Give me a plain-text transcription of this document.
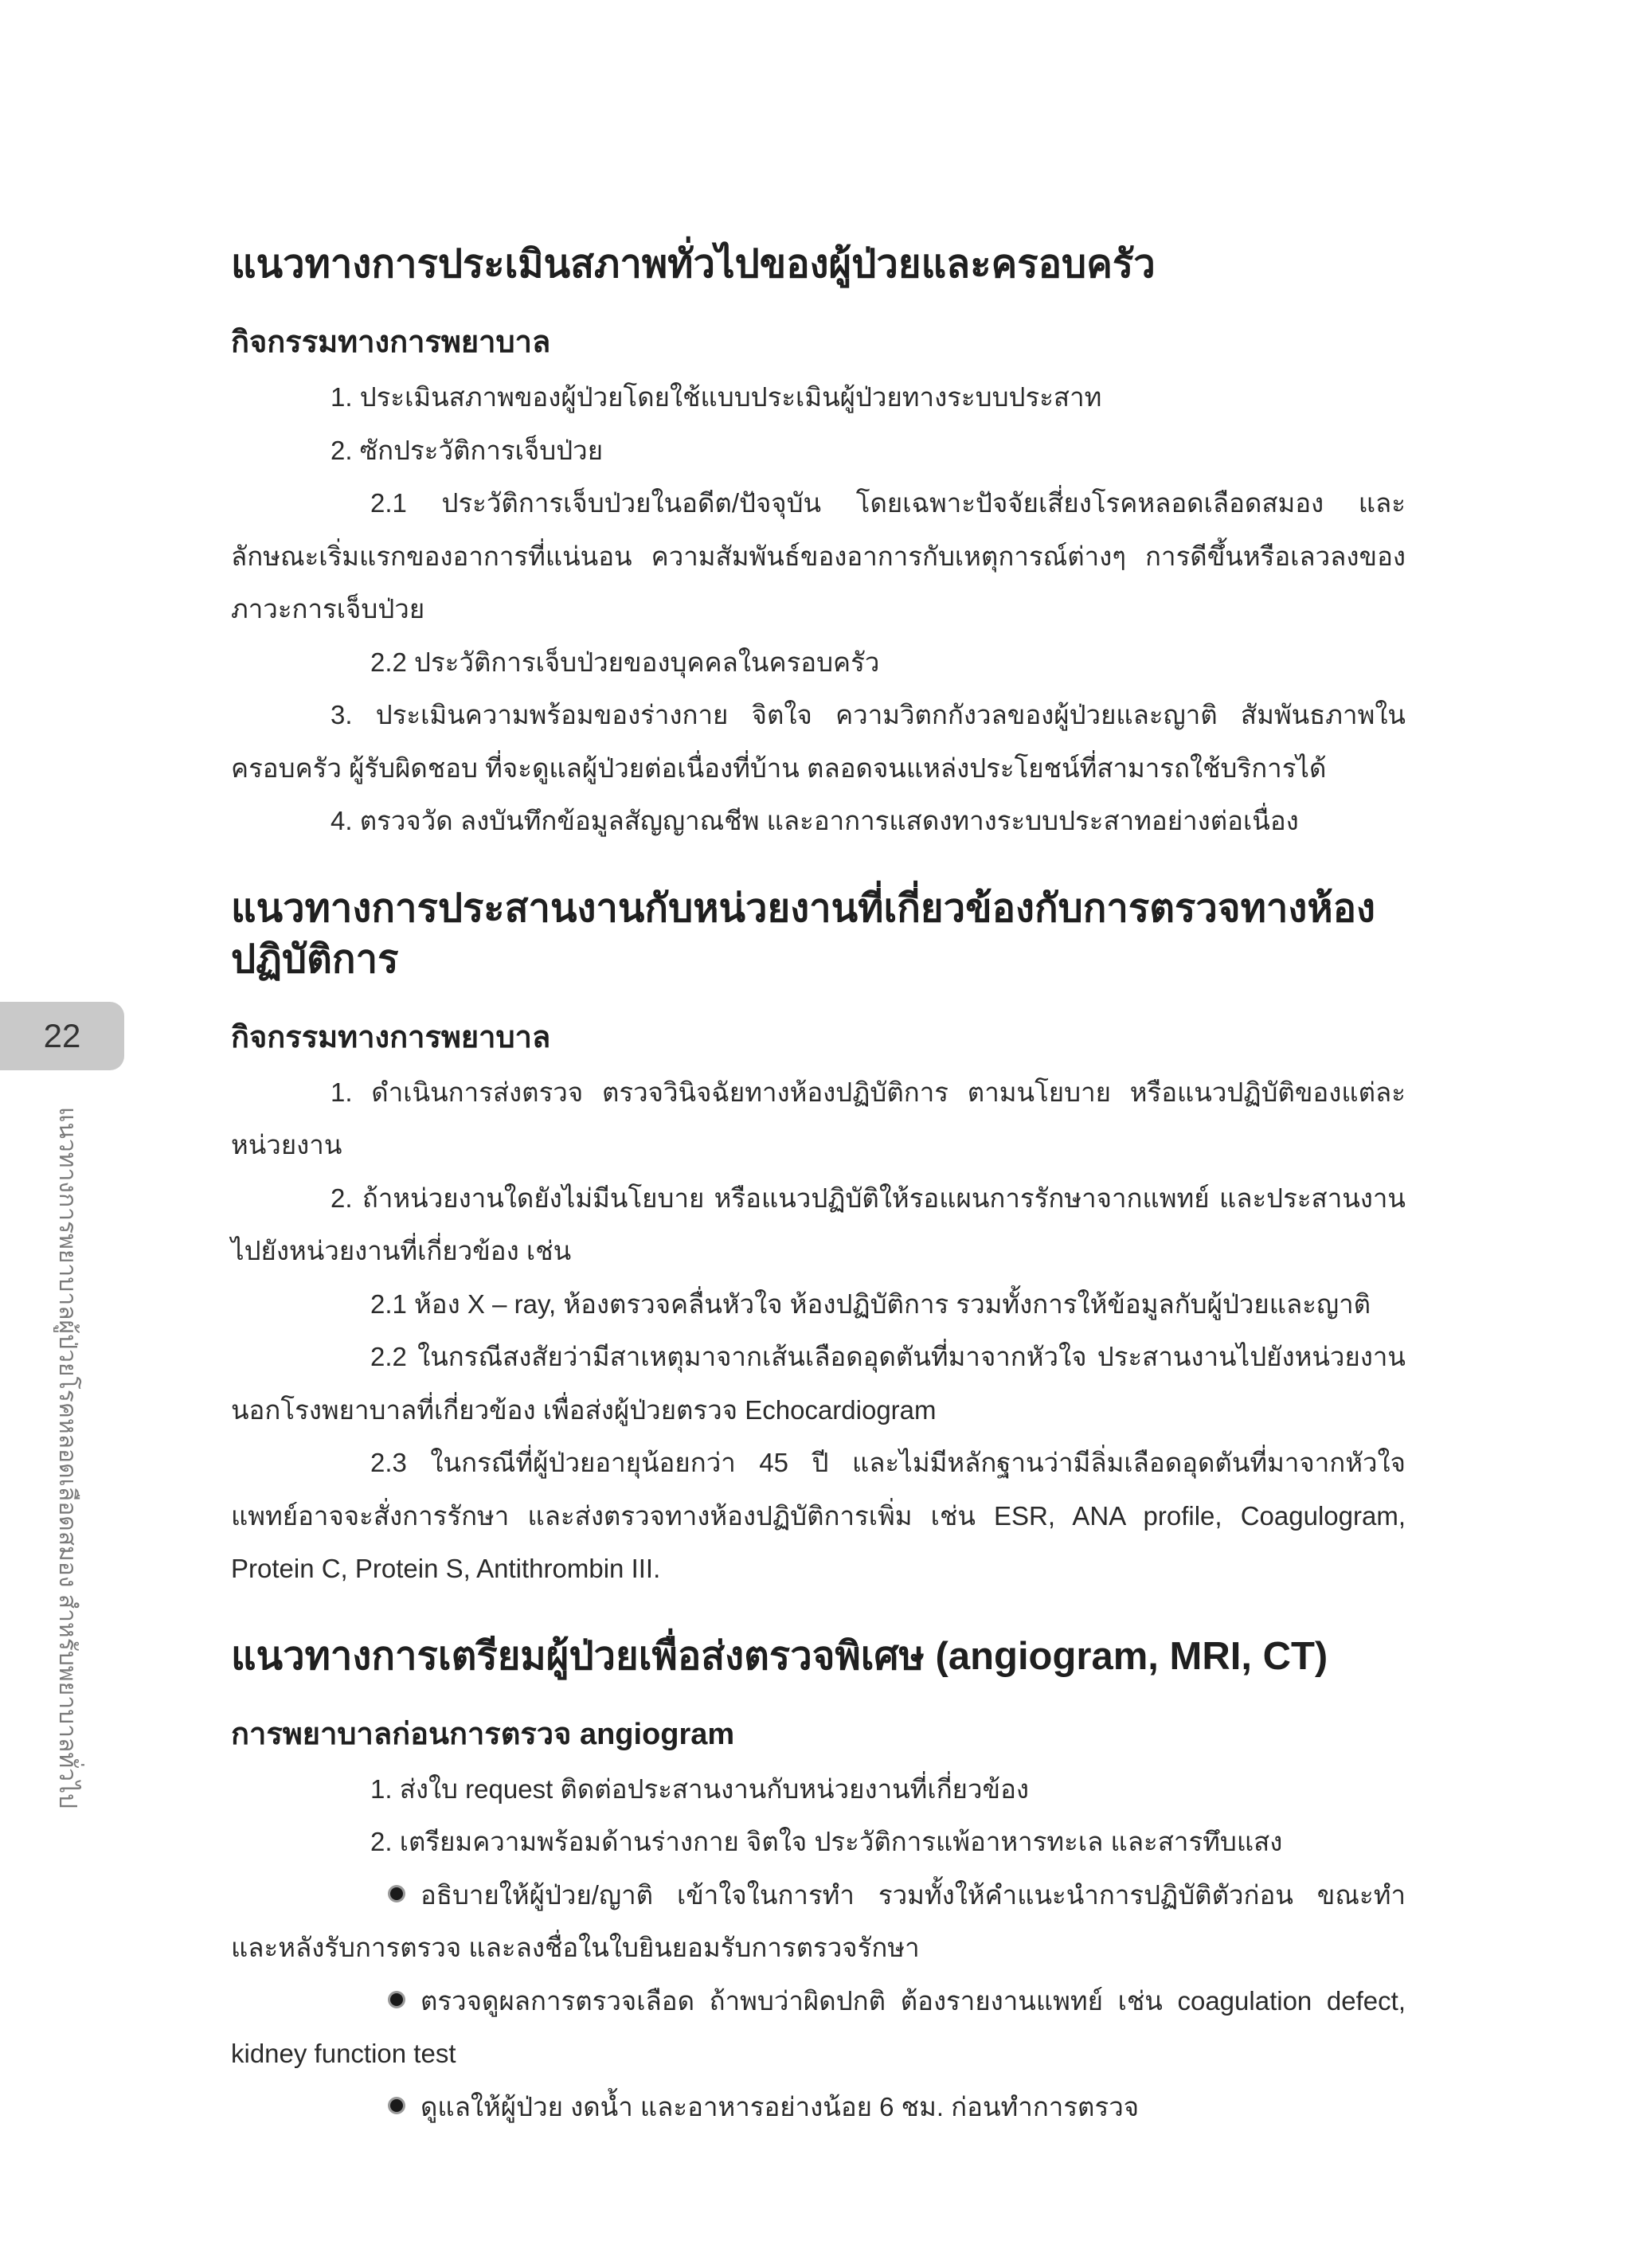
22
แนวทางการพยาบาลผู้ป่วยโรคหลอดเลือดสมอง สำหรับพยาบาลทั่วไป
แนวทางการประเมินสภาพทั่วไปของผู้ป่วยและครอบครัว
กิจกรรมทางการพยาบาล

1. ประเมินสภาพของผู้ป่วยโดยใช้แบบประเมินผู้ป่วยทางระบบประสาท

2. ซักประวัติการเจ็บป่วย

2.1 ประวัติการเจ็บป่วยในอดีต/ปัจจุบัน โดยเฉพาะปัจจัยเสี่ยงโรคหลอดเลือดสมอง และลักษณะเริ่มแรกของอาการที่แน่นอน ความสัมพันธ์ของอาการกับเหตุการณ์ต่างๆ การดีขึ้นหรือเลวลงของภาวะการเจ็บป่วย

2.2 ประวัติการเจ็บป่วยของบุคคลในครอบครัว

3. ประเมินความพร้อมของร่างกาย จิตใจ ความวิตกกังวลของผู้ป่วยและญาติ สัมพันธภาพในครอบครัว ผู้รับผิดชอบ ที่จะดูแลผู้ป่วยต่อเนื่องที่บ้าน ตลอดจนแหล่งประโยชน์ที่สามารถใช้บริการได้

4. ตรวจวัด ลงบันทึกข้อมูลสัญญาณชีพ และอาการแสดงทางระบบประสาทอย่างต่อเนื่อง

แนวทางการประสานงานกับหน่วยงานที่เกี่ยวข้องกับการตรวจทางห้องปฏิบัติการ
กิจกรรมทางการพยาบาล

1. ดำเนินการส่งตรวจ ตรวจวินิจฉัยทางห้องปฏิบัติการ ตามนโยบาย หรือแนวปฏิบัติของแต่ละหน่วยงาน

2. ถ้าหน่วยงานใดยังไม่มีนโยบาย หรือแนวปฏิบัติให้รอแผนการรักษาจากแพทย์ และประสานงานไปยังหน่วยงานที่เกี่ยวข้อง เช่น

2.1 ห้อง X – ray, ห้องตรวจคลื่นหัวใจ ห้องปฏิบัติการ รวมทั้งการให้ข้อมูลกับผู้ป่วยและญาติ

2.2 ในกรณีสงสัยว่ามีสาเหตุมาจากเส้นเลือดอุดตันที่มาจากหัวใจ ประสานงานไปยังหน่วยงานนอกโรงพยาบาลที่เกี่ยวข้อง เพื่อส่งผู้ป่วยตรวจ Echocardiogram

2.3 ในกรณีที่ผู้ป่วยอายุน้อยกว่า 45 ปี และไม่มีหลักฐานว่ามีลิ่มเลือดอุดตันที่มาจากหัวใจ แพทย์อาจจะสั่งการรักษา และส่งตรวจทางห้องปฏิบัติการเพิ่ม เช่น ESR, ANA profile, Coagulogram, Protein C, Protein S, Antithrombin III.

แนวทางการเตรียมผู้ป่วยเพื่อส่งตรวจพิเศษ (angiogram, MRI, CT)
การพยาบาลก่อนการตรวจ angiogram

1. ส่งใบ request ติดต่อประสานงานกับหน่วยงานที่เกี่ยวข้อง

2. เตรียมความพร้อมด้านร่างกาย จิตใจ ประวัติการแพ้อาหารทะเล และสารทึบแสง

อธิบายให้ผู้ป่วย/ญาติ เข้าใจในการทำ รวมทั้งให้คำแนะนำการปฏิบัติตัวก่อน ขณะทำ และหลังรับการตรวจ และลงชื่อในใบยินยอมรับการตรวจรักษา

ตรวจดูผลการตรวจเลือด ถ้าพบว่าผิดปกติ ต้องรายงานแพทย์ เช่น coagulation defect, kidney function test

ดูแลให้ผู้ป่วย งดน้ำ และอาหารอย่างน้อย 6 ชม. ก่อนทำการตรวจ
